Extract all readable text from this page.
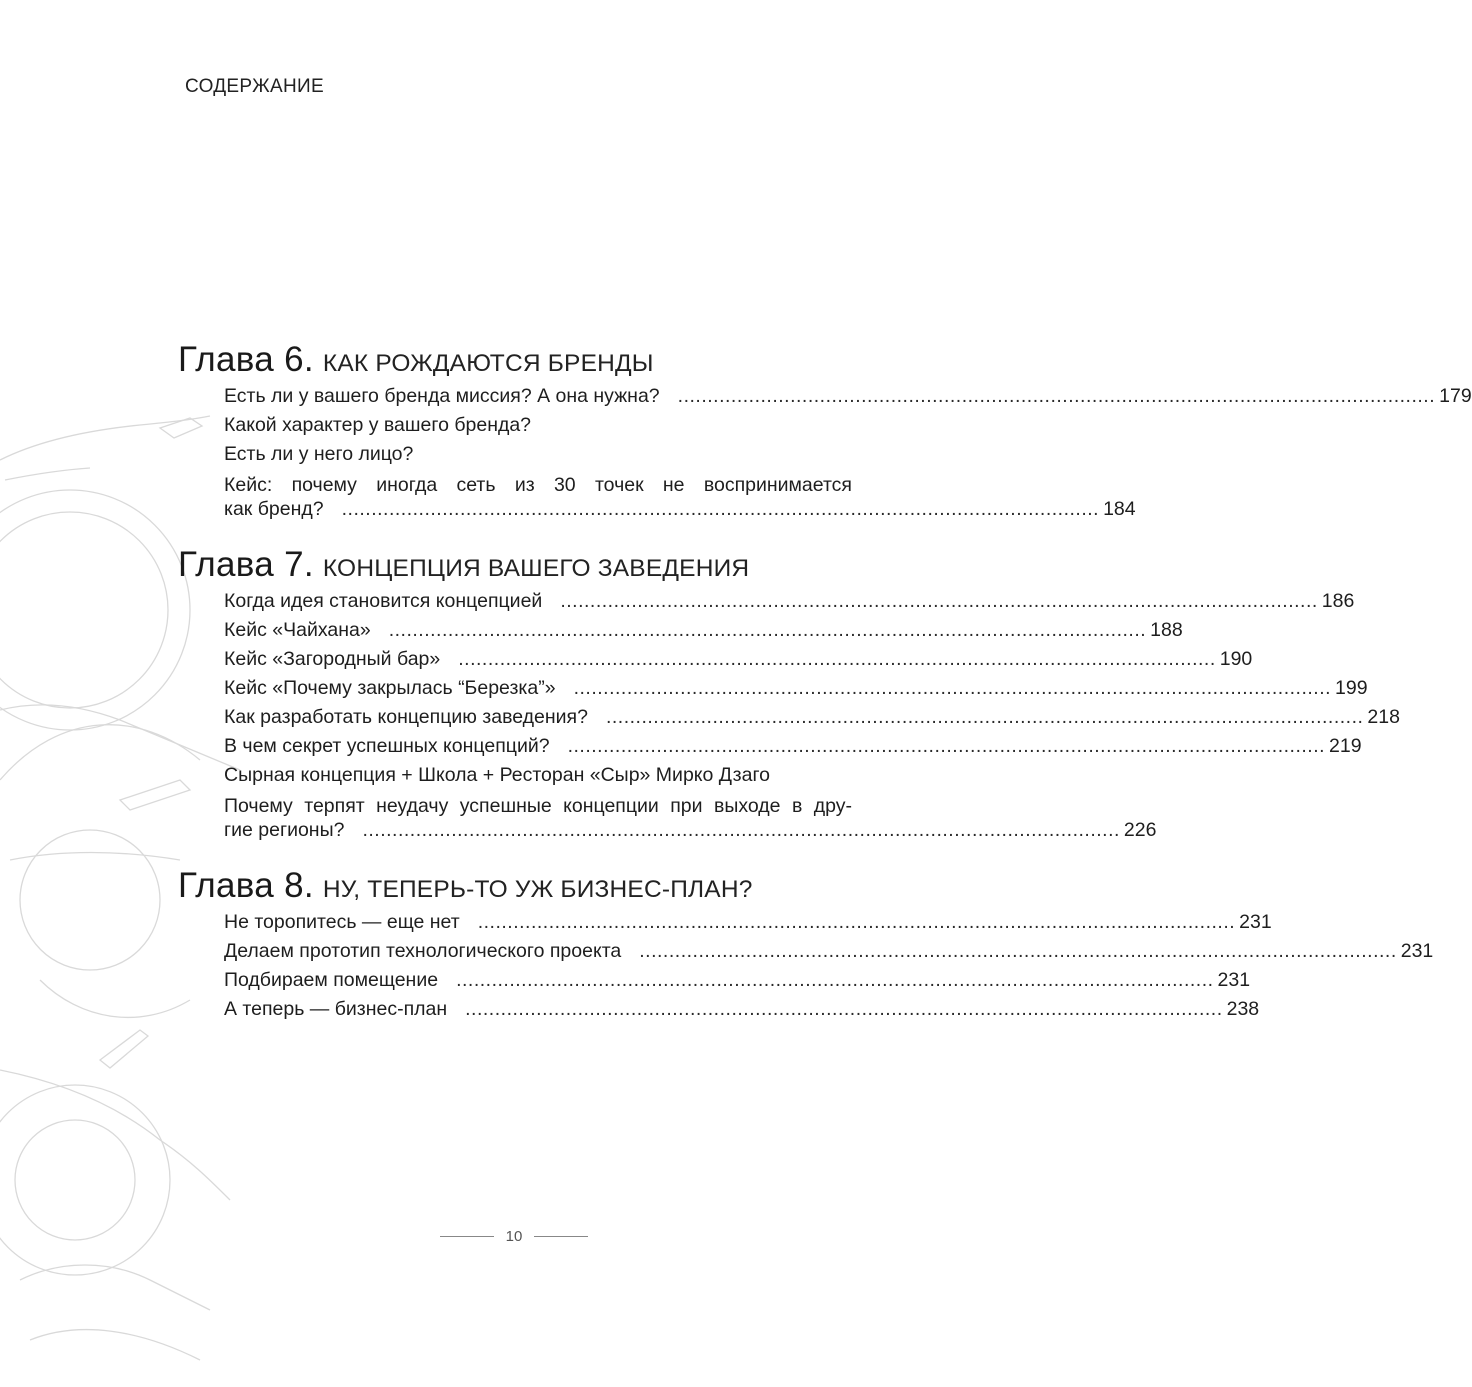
СОДЕРЖАНИЕ
Глава 6. КАК РОЖДАЮТСЯ БРЕНДЫ
Есть ли у вашего бренда миссия? А она нужна? ................................................................................................................................ 179
Какой характер у вашего бренда?
Есть ли у него лицо?
Кейс: почему иногда сеть из 30 точек не воспринимается
как бренд? ................................................................................................................................ 184
Глава 7. КОНЦЕПЦИЯ ВАШЕГО ЗАВЕДЕНИЯ
Когда идея становится концепцией ................................................................................................................................ 186
Кейс «Чайхана» ................................................................................................................................ 188
Кейс «Загородный бар» ................................................................................................................................ 190
Кейс «Почему закрылась “Березка”» ................................................................................................................................ 199
Как разработать концепцию заведения? ................................................................................................................................ 218
В чем секрет успешных концепций? ................................................................................................................................ 219
Сырная концепция + Школа + Ресторан «Сыр» Мирко Дзаго
Почему терпят неудачу успешные концепции при выходе в дру-
гие регионы? ................................................................................................................................ 226
Глава 8. НУ, ТЕПЕРЬ-ТО УЖ БИЗНЕС-ПЛАН?
Не торопитесь — еще нет ................................................................................................................................ 231
Делаем прототип технологического проекта ................................................................................................................................ 231
Подбираем помещение ................................................................................................................................ 231
А теперь — бизнес-план ................................................................................................................................ 238
10
